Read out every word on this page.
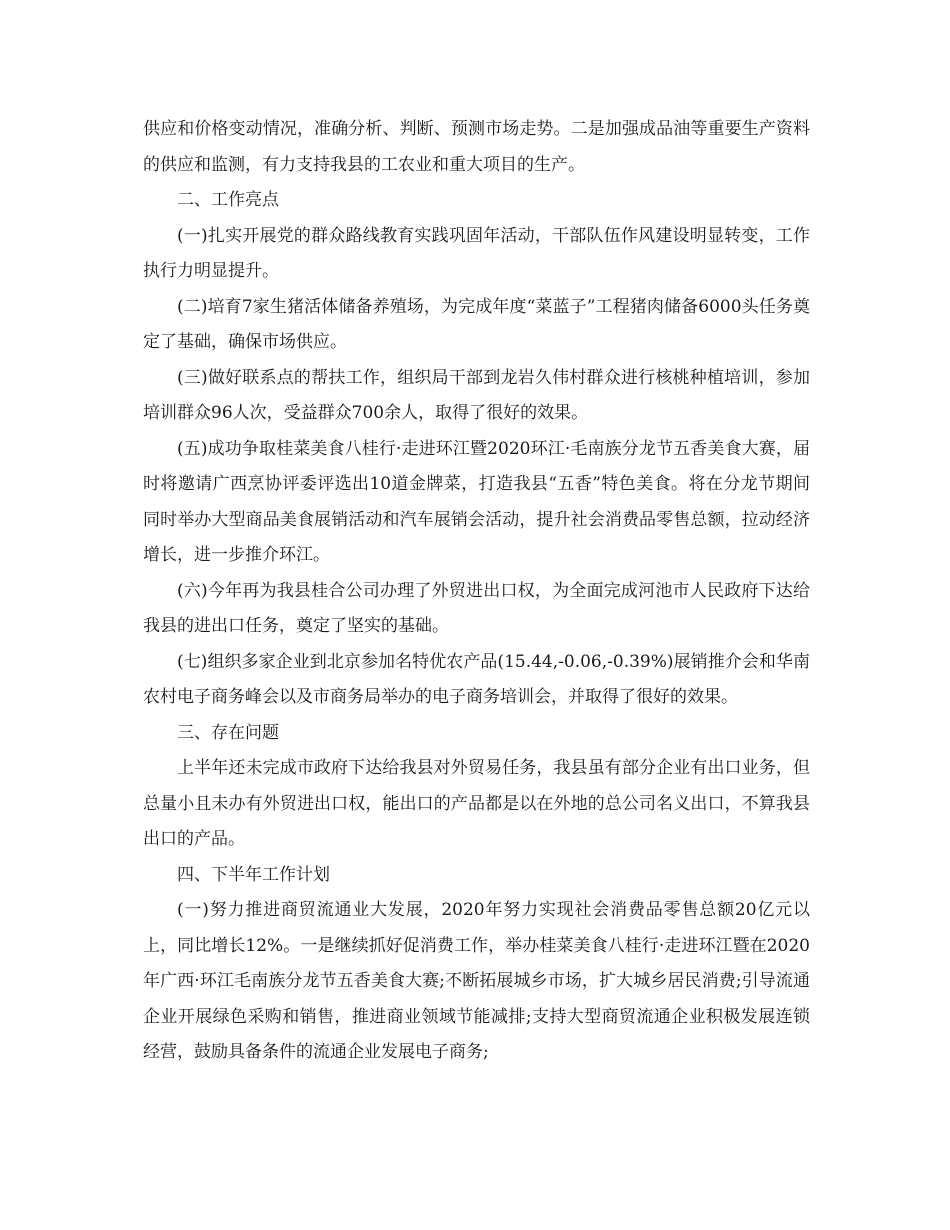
供应和价格变动情况，准确分析、判断、预测市场走势。二是加强成品油等重要生产资料的供应和监测，有力支持我县的工农业和重大项目的生产。

二、工作亮点

(一)扎实开展党的群众路线教育实践巩固年活动，干部队伍作风建设明显转变，工作执行力明显提升。

(二)培育7家生猪活体储备养殖场，为完成年度“菜蓝子”工程猪肉储备6000头任务奠定了基础，确保市场供应。

(三)做好联系点的帮扶工作，组织局干部到龙岩久伟村群众进行核桃种植培训，参加培训群众96人次，受益群众700余人，取得了很好的效果。

(五)成功争取桂菜美食八桂行·走进环江暨2020环江·毛南族分龙节五香美食大赛，届时将邀请广西烹协评委评选出10道金牌菜，打造我县“五香”特色美食。将在分龙节期间同时举办大型商品美食展销活动和汽车展销会活动，提升社会消费品零售总额，拉动经济增长，进一步推介环江。

(六)今年再为我县桂合公司办理了外贸进出口权，为全面完成河池市人民政府下达给我县的进出口任务，奠定了坚实的基础。

(七)组织多家企业到北京参加名特优农产品(15.44,-0.06,-0.39%)展销推介会和华南农村电子商务峰会以及市商务局举办的电子商务培训会，并取得了很好的效果。

三、存在问题

上半年还未完成市政府下达给我县对外贸易任务，我县虽有部分企业有出口业务，但总量小且未办有外贸进出口权，能出口的产品都是以在外地的总公司名义出口，不算我县出口的产品。

四、下半年工作计划

(一)努力推进商贸流通业大发展，2020年努力实现社会消费品零售总额20亿元以上，同比增长12%。一是继续抓好促消费工作，举办桂菜美食八桂行·走进环江暨在2020年广西·环江毛南族分龙节五香美食大赛;不断拓展城乡市场，扩大城乡居民消费;引导流通企业开展绿色采购和销售，推进商业领域节能减排;支持大型商贸流通企业积极发展连锁经营，鼓励具备条件的流通企业发展电子商务;
